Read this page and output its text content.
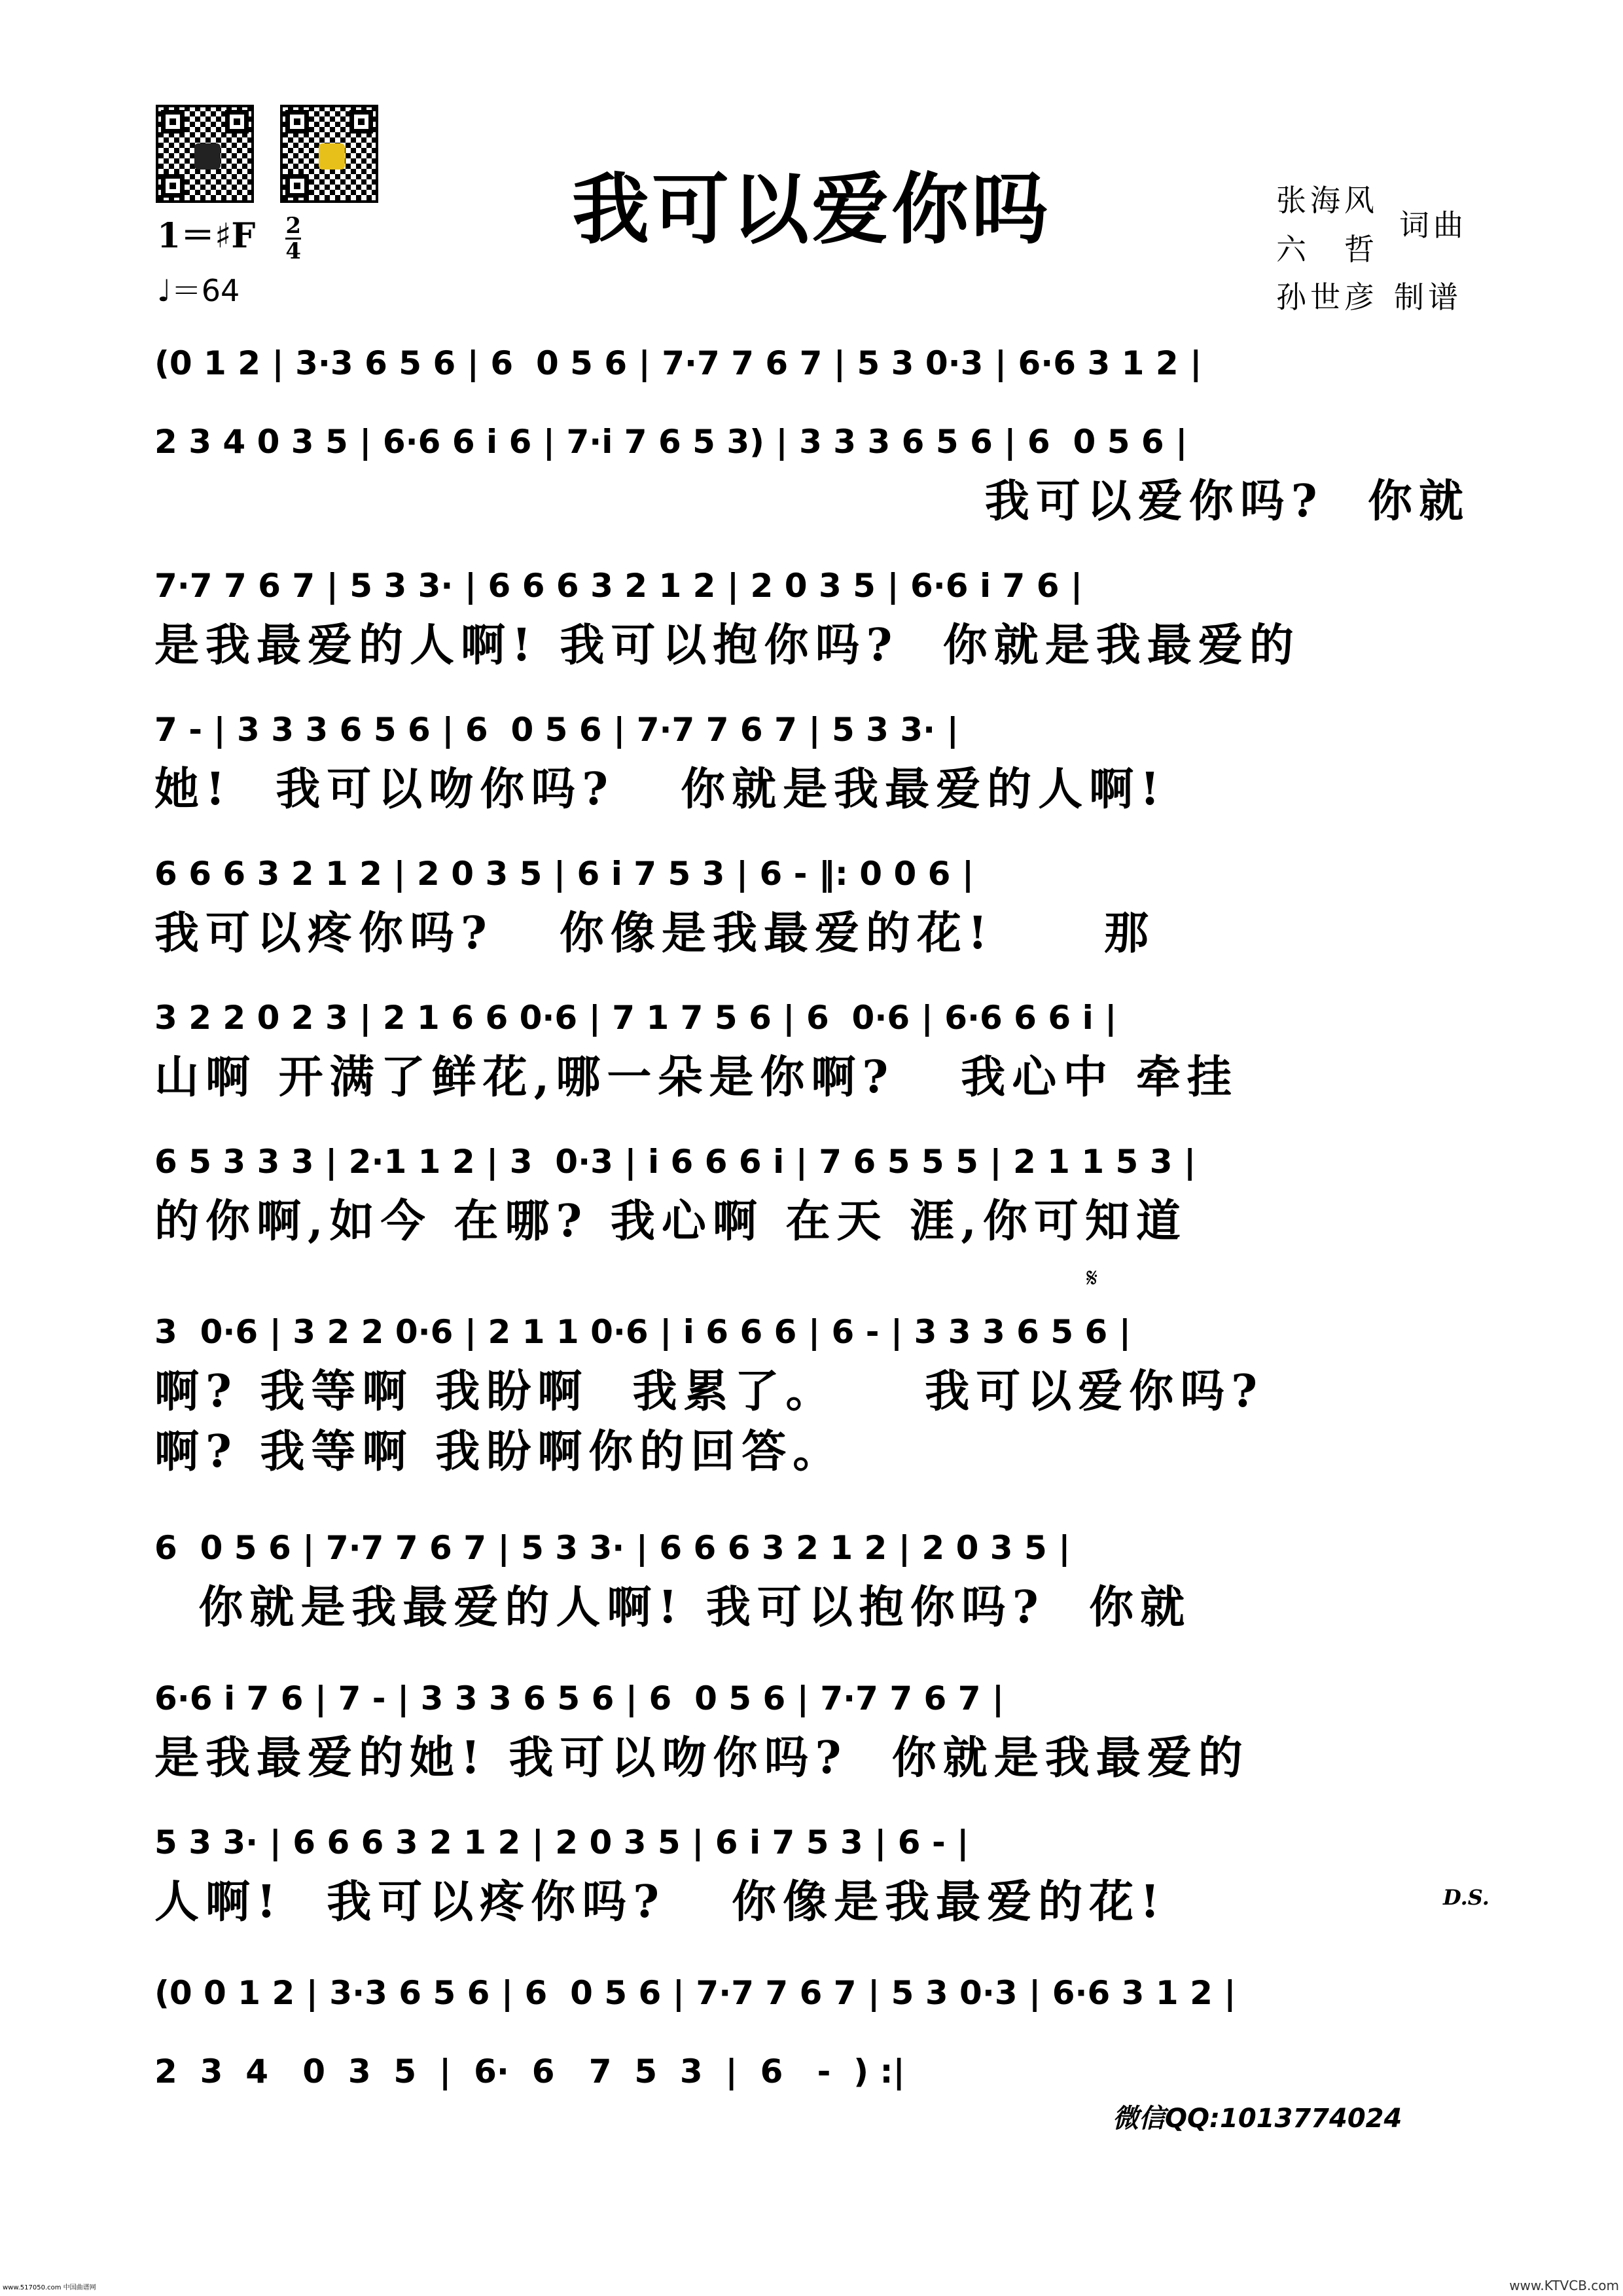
我可以爱你吗	张海风
六　哲
词曲
孙世彦 制谱
1＝♯F $\frac{2}{4}$
♩＝64
(0 1 2 | 3·3 6 5 6 | 6  0 5 6 | 7·7 7 6 7 | 5 3 0·3 | 6·6 3 1 2 |
2 3 4 0 3 5 | 6·6 6 i 6 | 7·i 7 6 5 3) | 3 3 3 6 5 6 | 6  0 5 6 |
我可以爱你吗?  你就
7·7 7 6 7 | 5 3 3· | 6 6 6 3 2 1 2 | 2 0 3 5 | 6·6 i 7 6 |
是我最爱的人啊! 我可以抱你吗?  你就是我最爱的
7 - | 3 3 3 6 5 6 | 6  0 5 6 | 7·7 7 6 7 | 5 3 3· |
她!  我可以吻你吗?   你就是我最爱的人啊!
6 6 6 3 2 1 2 | 2 0 3 5 | 6 i 7 5 3 | 6 - ‖: 0 0 6 |
我可以疼你吗?   你像是我最爱的花!     那
3 2 2 0 2 3 | 2 1 6 6 0·6 | 7 1 7 5 6 | 6  0·6 | 6·6 6 6 i |
山啊 开满了鲜花,哪一朵是你啊?   我心中 牵挂
6 5 3 3 3 | 2·1 1 2 | 3  0·3 | i 6 6 6 i | 7 6 5 5 5 | 2 1 1 5 3 |
的你啊,如今 在哪? 我心啊 在天 涯,你可知道
𝄋
3  0·6 | 3 2 2 0·6 | 2 1 1 0·6 | i 6 6 6 | 6 - | 3 3 3 6 5 6 |
啊? 我等啊 我盼啊  我累了。    我可以爱你吗?
啊? 我等啊 我盼啊你的回答。
6  0 5 6 | 7·7 7 6 7 | 5 3 3· | 6 6 6 3 2 1 2 | 2 0 3 5 |
你就是我最爱的人啊! 我可以抱你吗?  你就
6·6 i 7 6 | 7 - | 3 3 3 6 5 6 | 6  0 5 6 | 7·7 7 6 7 |
是我最爱的她! 我可以吻你吗?  你就是我最爱的
5 3 3· | 6 6 6 3 2 1 2 | 2 0 3 5 | 6 i 7 5 3 | 6 - |
人啊!  我可以疼你吗?   你像是我最爱的花!	D.S.
(0 0 1 2 | 3·3 6 5 6 | 6  0 5 6 | 7·7 7 6 7 | 5 3 0·3 | 6·6 3 1 2 |
2  3  4   0  3  5  |  6·  6   7  5  3  |  6   -  ) :|
微信QQ:1013774024
www.517050.com 中国曲谱网	www.KTVCB.com
